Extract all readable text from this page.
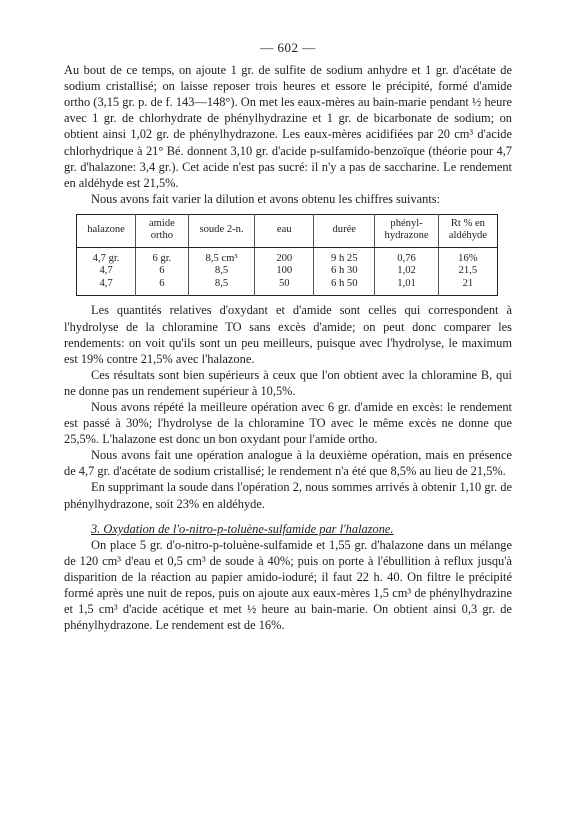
— 602 —

Au bout de ce temps, on ajoute 1 gr. de sulfite de sodium anhydre et 1 gr. d'acétate de sodium cristallisé; on laisse reposer trois heures et essore le précipité, formé d'amide ortho (3,15 gr. p. de f. 143—148°). On met les eaux-mères au bain-marie pendant ½ heure avec 1 gr. de chlorhydrate de phénylhydrazine et 1 gr. de bicarbonate de sodium; on obtient ainsi 1,02 gr. de phénylhydrazone. Les eaux-mères acidifiées par 20 cm³ d'acide chlorhydrique à 21° Bé. donnent 3,10 gr. d'acide p-sulfamido-benzoïque (théorie pour 4,7 gr. d'halazone: 3,4 gr.). Cet acide n'est pas sucré: il n'y a pas de saccharine. Le rendement en aldéhyde est 21,5%.

Nous avons fait varier la dilution et avons obtenu les chiffres suivants:

halazone	amide ortho	soude 2-n.	eau	durée	phényl-hydrazone	Rt % en aldéhyde
4,7 gr.	6 gr.	8,5 cm³	200	9 h 25	0,76	16%
4,7	6	8,5	100	6 h 30	1,02	21,5
4,7	6	8,5	50	6 h 50	1,01	21

Les quantités relatives d'oxydant et d'amide sont celles qui correspondent à l'hydrolyse de la chloramine TO sans excès d'amide; on peut donc comparer les rendements: on voit qu'ils sont un peu meilleurs, puisque avec l'hydrolyse, le maximum est 19% contre 21,5% avec l'halazone.

Ces résultats sont bien supérieurs à ceux que l'on obtient avec la chloramine B, qui ne donne pas un rendement supérieur à 10,5%.

Nous avons répété la meilleure opération avec 6 gr. d'amide en excès: le rendement est passé à 30%; l'hydrolyse de la chloramine TO avec le même excès ne donne que 25,5%. L'halazone est donc un bon oxydant pour l'amide ortho.

Nous avons fait une opération analogue à la deuxième opération, mais en présence de 4,7 gr. d'acétate de sodium cristallisé; le rendement n'a été que 8,5% au lieu de 21,5%.

En supprimant la soude dans l'opération 2, nous sommes arrivés à obtenir 1,10 gr. de phénylhydrazone, soit 23% en aldéhyde.

3. Oxydation de l'o-nitro-p-toluène-sulfamide par l'halazone.

On place 5 gr. d'o-nitro-p-toluène-sulfamide et 1,55 gr. d'halazone dans un mélange de 120 cm³ d'eau et 0,5 cm³ de soude à 40%; puis on porte à l'ébullition à reflux jusqu'à disparition de la réaction au papier amido-ioduré; il faut 22 h. 40. On filtre le précipité formé après une nuit de repos, puis on ajoute aux eaux-mères 1,5 cm³ de phénylhydrazine et 1,5 cm³ d'acide acétique et met ½ heure au bain-marie. On obtient ainsi 0,3 gr. de phénylhydrazone. Le rendement est de 16%.
